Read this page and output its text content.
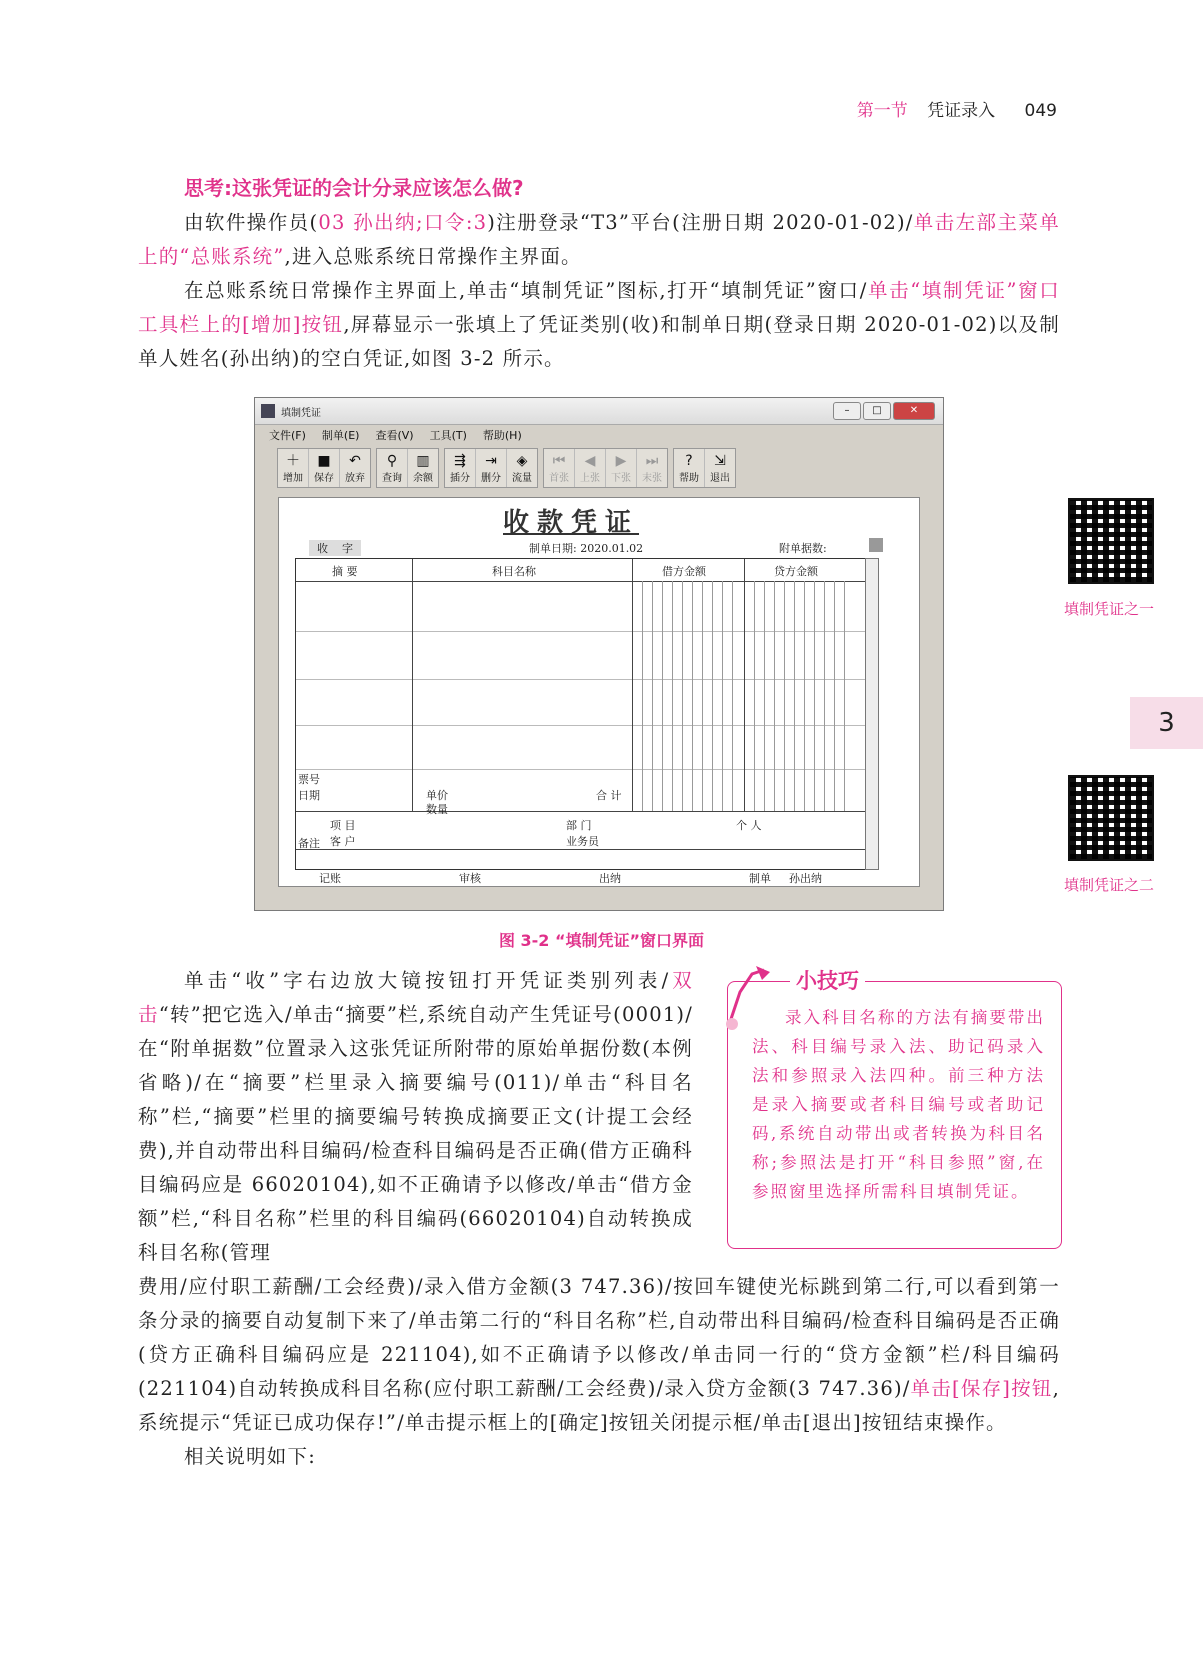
第一节 凭证录入 049
思考:这张凭证的会计分录应该怎么做?
由软件操作员(03 孙出纳;口令:3)注册登录“T3”平台(注册日期 2020-01-02)/单击左部主菜单上的“总账系统”,进入总账系统日常操作主界面。
在总账系统日常操作主界面上,单击“填制凭证”图标,打开“填制凭证”窗口/单击“填制凭证”窗口工具栏上的[增加]按钮,屏幕显示一张填上了凭证类别(收)和制单日期(登录日期 2020-01-02)以及制单人姓名(孙出纳)的空白凭证,如图 3-2 所示。
填制凭证	–	□	✕
文件(F) 制单(E) 查看(V) 工具(T) 帮助(H)
＋
增加
■
保存
↶
放弃
⚲
查询
▥
余额
⇶
插分
⇥
删分
◈
流量
⏮
首张
◀
上张
▶
下张
⏭
末张
?
帮助
⇲
退出
收款凭证
收 字	制单日期: 2020.01.02	附单据数:
摘 要	科目名称	借方金额	贷方金额
票号
日期	单价
数量
合 计
备注
项 目
客 户
部 门
业务员
个 人
记账	审核	出纳	制单 孙出纳
图 3-2 “填制凭证”窗口界面
填制凭证之一
3
填制凭证之二
小技巧
录入科目名称的方法有摘要带出法、科目编号录入法、助记码录入法和参照录入法四种。前三种方法是录入摘要或者科目编号或者助记码,系统自动带出或者转换为科目名称;参照法是打开“科目参照”窗,在参照窗里选择所需科目填制凭证。
单击“收”字右边放大镜按钮打开凭证类别列表/双击“转”把它选入/单击“摘要”栏,系统自动产生凭证号(0001)/在“附单据数”位置录入这张凭证所附带的原始单据份数(本例省略)/在“摘要”栏里录入摘要编号(011)/单击“科目名称”栏,“摘要”栏里的摘要编号转换成摘要正文(计提工会经费),并自动带出科目编码/检查科目编码是否正确(借方正确科目编码应是 66020104),如不正确请予以修改/单击“借方金额”栏,“科目名称”栏里的科目编码(66020104)自动转换成科目名称(管理
费用/应付职工薪酬/工会经费)/录入借方金额(3 747.36)/按回车键使光标跳到第二行,可以看到第一条分录的摘要自动复制下来了/单击第二行的“科目名称”栏,自动带出科目编码/检查科目编码是否正确(贷方正确科目编码应是 221104),如不正确请予以修改/单击同一行的“贷方金额”栏/科目编码(221104)自动转换成科目名称(应付职工薪酬/工会经费)/录入贷方金额(3 747.36)/单击[保存]按钮,系统提示“凭证已成功保存!”/单击提示框上的[确定]按钮关闭提示框/单击[退出]按钮结束操作。
相关说明如下:
